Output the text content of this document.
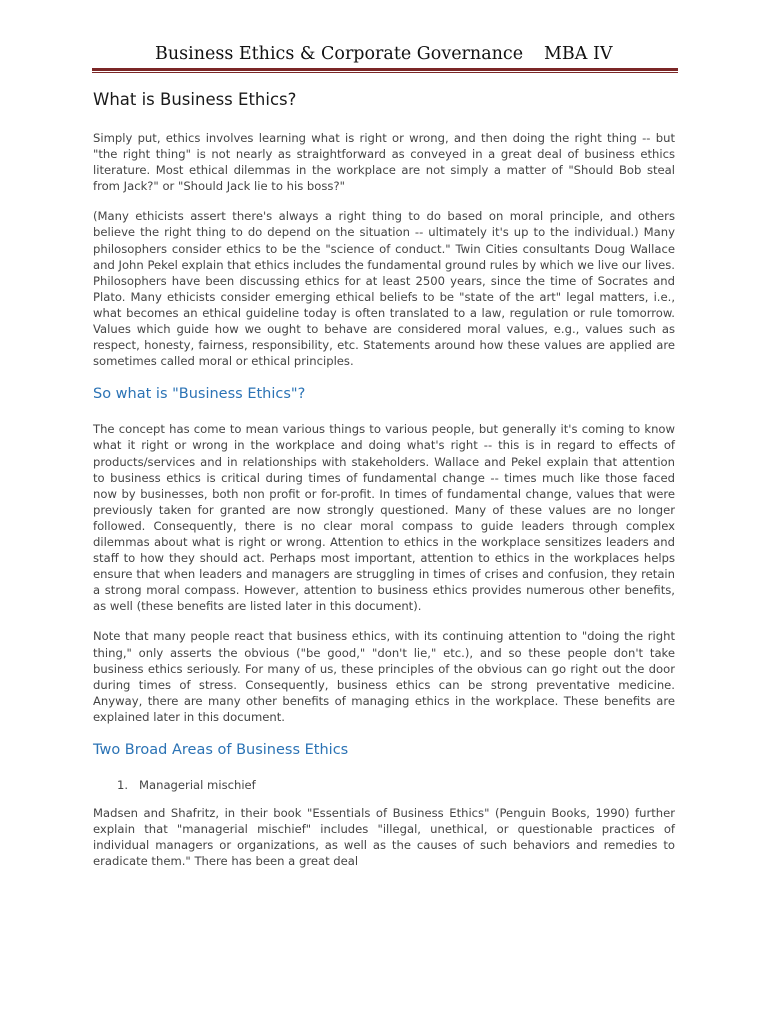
Business Ethics & Corporate Governance MBA IV
What is Business Ethics?

Simply put, ethics involves learning what is right or wrong, and then doing the right thing -- but "the right thing" is not nearly as straightforward as conveyed in a great deal of business ethics literature. Most ethical dilemmas in the workplace are not simply a matter of "Should Bob steal from Jack?" or "Should Jack lie to his boss?"

(Many ethicists assert there's always a right thing to do based on moral principle, and others believe the right thing to do depend on the situation -- ultimately it's up to the individual.) Many philosophers consider ethics to be the "science of conduct." Twin Cities consultants Doug Wallace and John Pekel explain that ethics includes the fundamental ground rules by which we live our lives. Philosophers have been discussing ethics for at least 2500 years, since the time of Socrates and Plato. Many ethicists consider emerging ethical beliefs to be "state of the art" legal matters, i.e., what becomes an ethical guideline today is often translated to a law, regulation or rule tomorrow. Values which guide how we ought to behave are considered moral values, e.g., values such as respect, honesty, fairness, responsibility, etc. Statements around how these values are applied are sometimes called moral or ethical principles.

So what is "Business Ethics"?

The concept has come to mean various things to various people, but generally it's coming to know what it right or wrong in the workplace and doing what's right -- this is in regard to effects of products/services and in relationships with stakeholders. Wallace and Pekel explain that attention to business ethics is critical during times of fundamental change -- times much like those faced now by businesses, both non profit or for-profit. In times of fundamental change, values that were previously taken for granted are now strongly questioned. Many of these values are no longer followed. Consequently, there is no clear moral compass to guide leaders through complex dilemmas about what is right or wrong. Attention to ethics in the workplace sensitizes leaders and staff to how they should act. Perhaps most important, attention to ethics in the workplaces helps ensure that when leaders and managers are struggling in times of crises and confusion, they retain a strong moral compass. However, attention to business ethics provides numerous other benefits, as well (these benefits are listed later in this document).

Note that many people react that business ethics, with its continuing attention to "doing the right thing," only asserts the obvious ("be good," "don't lie," etc.), and so these people don't take business ethics seriously. For many of us, these principles of the obvious can go right out the door during times of stress. Consequently, business ethics can be strong preventative medicine. Anyway, there are many other benefits of managing ethics in the workplace. These benefits are explained later in this document.

Two Broad Areas of Business Ethics
1. Managerial mischief

Madsen and Shafritz, in their book "Essentials of Business Ethics" (Penguin Books, 1990) further explain that "managerial mischief" includes "illegal, unethical, or questionable practices of individual managers or organizations, as well as the causes of such behaviors and remedies to eradicate them." There has been a great deal
